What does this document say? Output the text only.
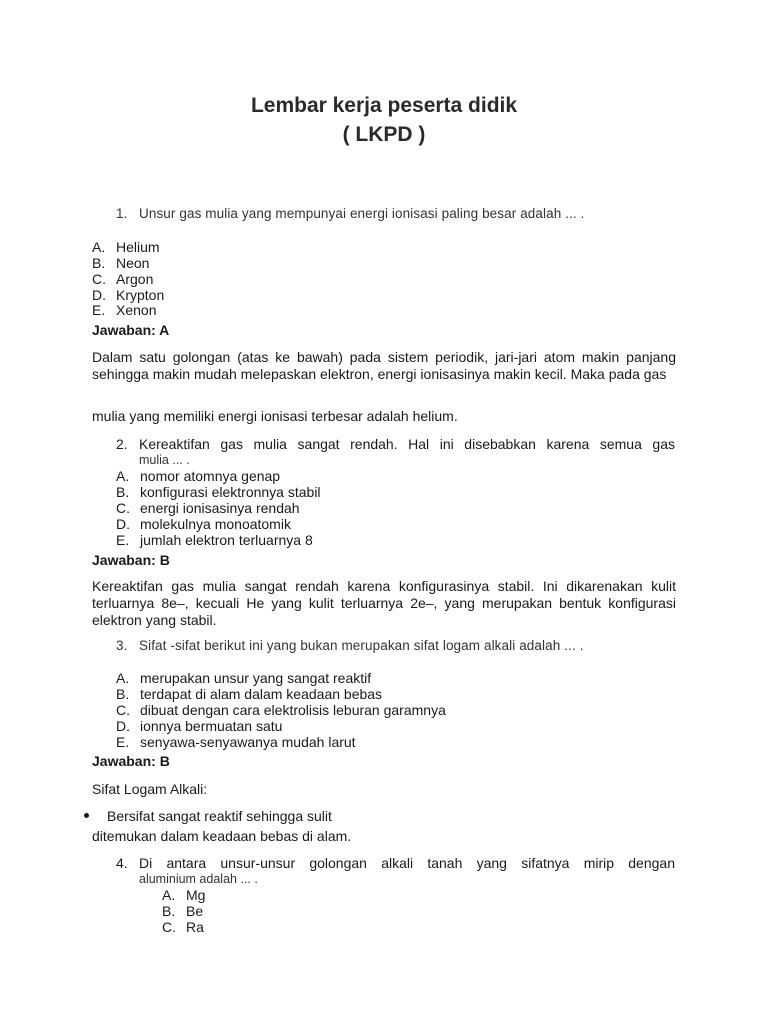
Lembar kerja peserta didik
( LKPD )
1. Unsur gas mulia yang mempunyai energi ionisasi paling besar adalah ... .
A. Helium
B. Neon
C. Argon
D. Krypton
E. Xenon
Jawaban: A
Dalam satu golongan (atas ke bawah) pada sistem periodik, jari-jari atom makin panjang sehingga makin mudah melepaskan elektron, energi ionisasinya makin kecil. Maka pada gas
mulia yang memiliki energi ionisasi terbesar adalah helium.
2. Kereaktifan gas mulia sangat rendah. Hal ini disebabkan karena semua gas
mulia ... .
A. nomor atomnya genap
B. konfigurasi elektronnya stabil
C. energi ionisasinya rendah
D. molekulnya monoatomik
E. jumlah elektron terluarnya 8
Jawaban: B
Kereaktifan gas mulia sangat rendah karena konfigurasinya stabil. Ini dikarenakan kulit terluarnya 8e–, kecuali He yang kulit terluarnya 2e–, yang merupakan bentuk konfigurasi elektron yang stabil.
3. Sifat -sifat berikut ini yang bukan merupakan sifat logam alkali adalah ... .
A. merupakan unsur yang sangat reaktif
B. terdapat di alam dalam keadaan bebas
C. dibuat dengan cara elektrolisis leburan garamnya
D. ionnya bermuatan satu
E. senyawa-senyawanya mudah larut
Jawaban: B
Sifat Logam Alkali:
Bersifat sangat reaktif sehingga sulit
ditemukan dalam keadaan bebas di alam.
4. Di antara unsur-unsur golongan alkali tanah yang sifatnya mirip dengan
aluminium adalah ... .
A. Mg
B. Be
C. Ra
